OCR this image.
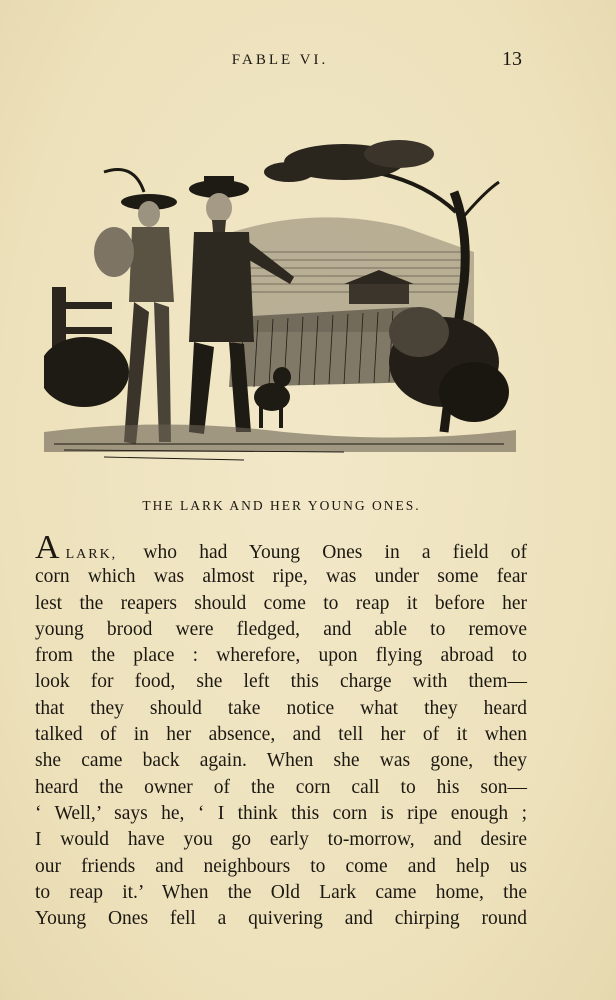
FABLE VI.	13
THE LARK AND HER YOUNG ONES.
ALARK, who had Young Ones in a field of
corn which was almost ripe, was under some fear
lest the reapers should come to reap it before her
young brood were fledged, and able to remove
from the place : wherefore, upon flying abroad to
look for food, she left this charge with them—
that they should take notice what they heard
talked of in her absence, and tell her of it when
she came back again. When she was gone, they
heard the owner of the corn call to his son—
‘ Well,’ says he, ‘ I think this corn is ripe enough ;
I would have you go early to-morrow, and desire
our friends and neighbours to come and help us
to reap it.’ When the Old Lark came home, the
Young Ones fell a quivering and chirping round
